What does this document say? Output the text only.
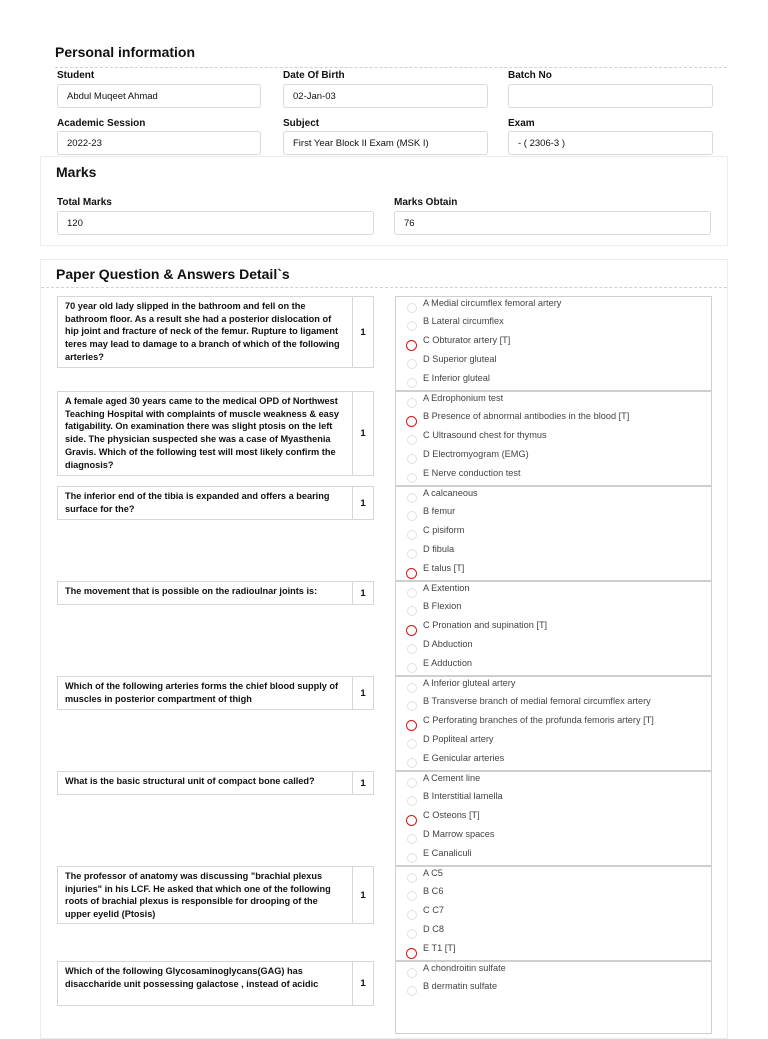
Personal information
Student
Abdul Muqeet Ahmad
Date Of Birth
02-Jan-03
Batch No
Academic Session
2022-23
Subject
First Year Block II Exam (MSK I)
Exam
- ( 2306-3 )
Marks
Total Marks
120
Marks Obtain
76
Paper Question & Answers Detail`s
70 year old lady slipped in the bathroom and fell on the bathroom floor. As a result she had a posterior dislocation of hip joint and fracture of neck of the femur. Rupture to ligament teres may lead to damage to a branch of which of the following arteries?
1
A Medial circumflex femoral artery
B Lateral circumflex
C Obturator artery [T]
D Superior gluteal
E Inferior gluteal
A female aged 30 years came to the medical OPD of Northwest Teaching Hospital with complaints of muscle weakness & easy fatigability. On examination there was slight ptosis on the left side. The physician suspected she was a case of Myasthenia Gravis. Which of the following test will most likely confirm the diagnosis?
1
A Edrophonium test
B Presence of abnormal antibodies in the blood [T]
C Ultrasound chest for thymus
D Electromyogram (EMG)
E Nerve conduction test
The inferior end of the tibia is expanded and offers a bearing surface for the?
1
A calcaneous
B femur
C pisiform
D fibula
E talus [T]
The movement that is possible on the radioulnar joints is:	1	A Extention
B Flexion
C Pronation and supination [T]
D Abduction
E Adduction
Which of the following arteries forms the chief blood supply of muscles in posterior compartment of thigh
1
A Inferior gluteal artery
B Transverse branch of medial femoral circumflex artery
C Perforating branches of the profunda femoris artery [T]
D Popliteal artery
E Genicular arteries
What is the basic structural unit of compact bone called?	1	A Cement line
B Interstitial lamella
C Osteons [T]
D Marrow spaces
E Canaliculi
The professor of anatomy was discussing "brachial plexus injuries" in his LCF. He asked that which one of the following roots of brachial plexus is responsible for drooping of the upper eyelid (Ptosis)
1
A C5
B C6
C C7
D C8
E T1 [T]
Which of the following Glycosaminoglycans(GAG) has disaccharide unit possessing galactose , instead of acidic	1
A chondroitin sulfate
B dermatin sulfate
